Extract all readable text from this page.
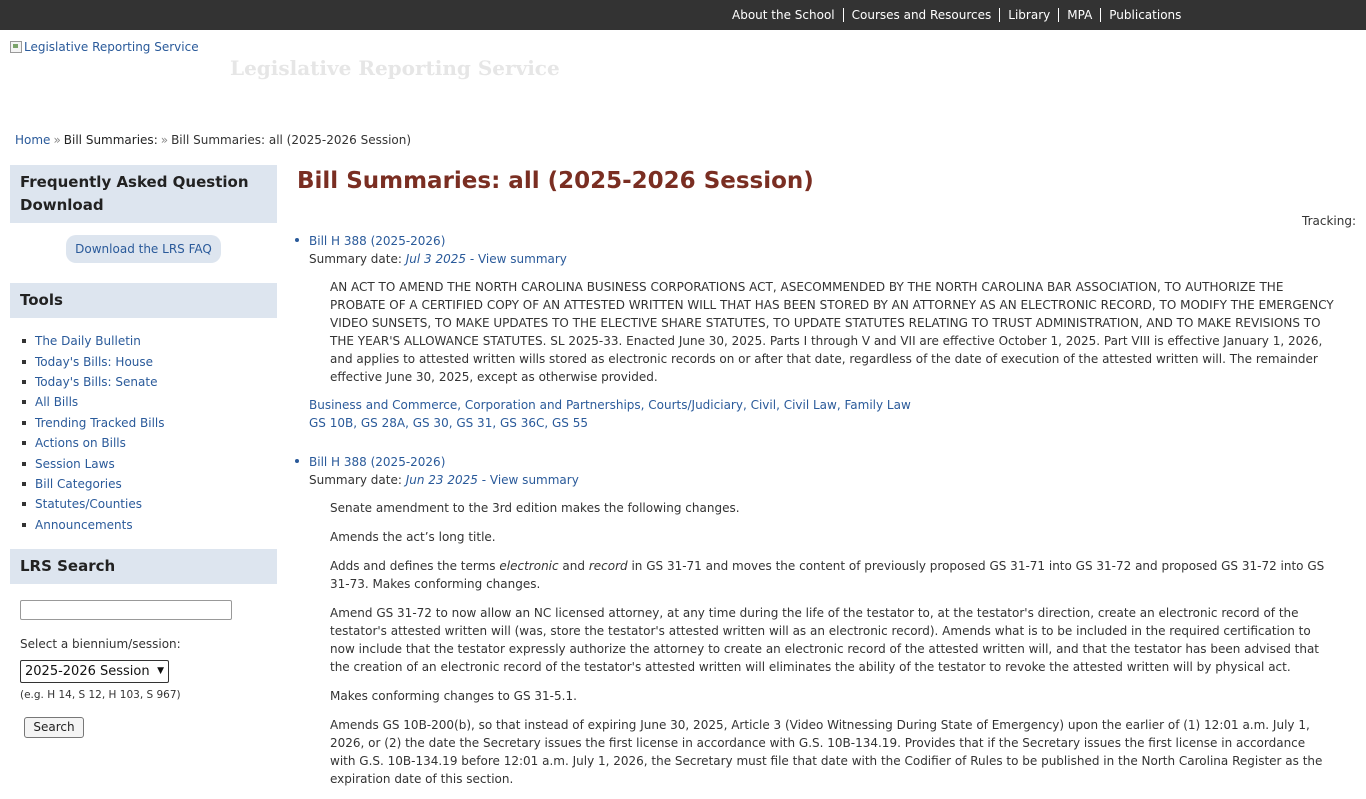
About the School	Courses and Resources	Library	MPA	Publications
Legislative Reporting Service
Legislative Reporting Service
Home » Bill Summaries: » Bill Summaries: all (2025-2026 Session)
Frequently Asked Question Download
Download the LRS FAQ
Tools
The Daily Bulletin
Today's Bills: House
Today's Bills: Senate
All Bills
Trending Tracked Bills
Actions on Bills
Session Laws
Bill Categories
Statutes/Counties
Announcements
LRS Search
Select a biennium/session:
2025-2026 Session ▼
(e.g. H 14, S 12, H 103, S 967)
Search
Bill Summaries: all (2025-2026 Session)
Tracking:
Bill H 388 (2025-2026)
Summary date: Jul 3 2025 - View summary

AN ACT TO AMEND THE NORTH CAROLINA BUSINESS CORPORATIONS ACT, ASECOMMENDED BY THE NORTH CAROLINA BAR ASSOCIATION, TO AUTHORIZE THE PROBATE OF A CERTIFIED COPY OF AN ATTESTED WRITTEN WILL THAT HAS BEEN STORED BY AN ATTORNEY AS AN ELECTRONIC RECORD, TO MODIFY THE EMERGENCY VIDEO SUNSETS, TO MAKE UPDATES TO THE ELECTIVE SHARE STATUTES, TO UPDATE STATUTES RELATING TO TRUST ADMINISTRATION, AND TO MAKE REVISIONS TO THE YEAR'S ALLOWANCE STATUTES. SL 2025-33. Enacted June 30, 2025. Parts I through V and VII are effective October 1, 2025. Part VIII is effective January 1, 2026, and applies to attested written wills stored as electronic records on or after that date, regardless of the date of execution of the attested written will. The remainder effective June 30, 2025, except as otherwise provided.

Business and Commerce, Corporation and Partnerships, Courts/Judiciary, Civil, Civil Law, Family Law
GS 10B, GS 28A, GS 30, GS 31, GS 36C, GS 55
Bill H 388 (2025-2026)
Summary date: Jun 23 2025 - View summary

Senate amendment to the 3rd edition makes the following changes.

Amends the act’s long title.

Adds and defines the terms electronic and record in GS 31-71 and moves the content of previously proposed GS 31-71 into GS 31-72 and proposed GS 31-72 into GS 31-73. Makes conforming changes.

Amend GS 31-72 to now allow an NC licensed attorney, at any time during the life of the testator to, at the testator's direction, create an electronic record of the testator's attested written will (was, store the testator's attested written will as an electronic record). Amends what is to be included in the required certification to now include that the testator expressly authorize the attorney to create an electronic record of the attested written will, and that the testator has been advised that the creation of an electronic record of the testator's attested written will eliminates the ability of the testator to revoke the attested written will by physical act.

Makes conforming changes to GS 31-5.1.

Amends GS 10B-200(b), so that instead of expiring June 30, 2025, Article 3 (Video Witnessing During State of Emergency) upon the earlier of (1) 12:01 a.m. July 1, 2026, or (2) the date the Secretary issues the first license in accordance with G.S. 10B-134.19. Provides that if the Secretary issues the first license in accordance with G.S. 10B-134.19 before 12:01 a.m. July 1, 2026, the Secretary must file that date with the Codifier of Rules to be published in the North Carolina Register as the expiration date of this section.
